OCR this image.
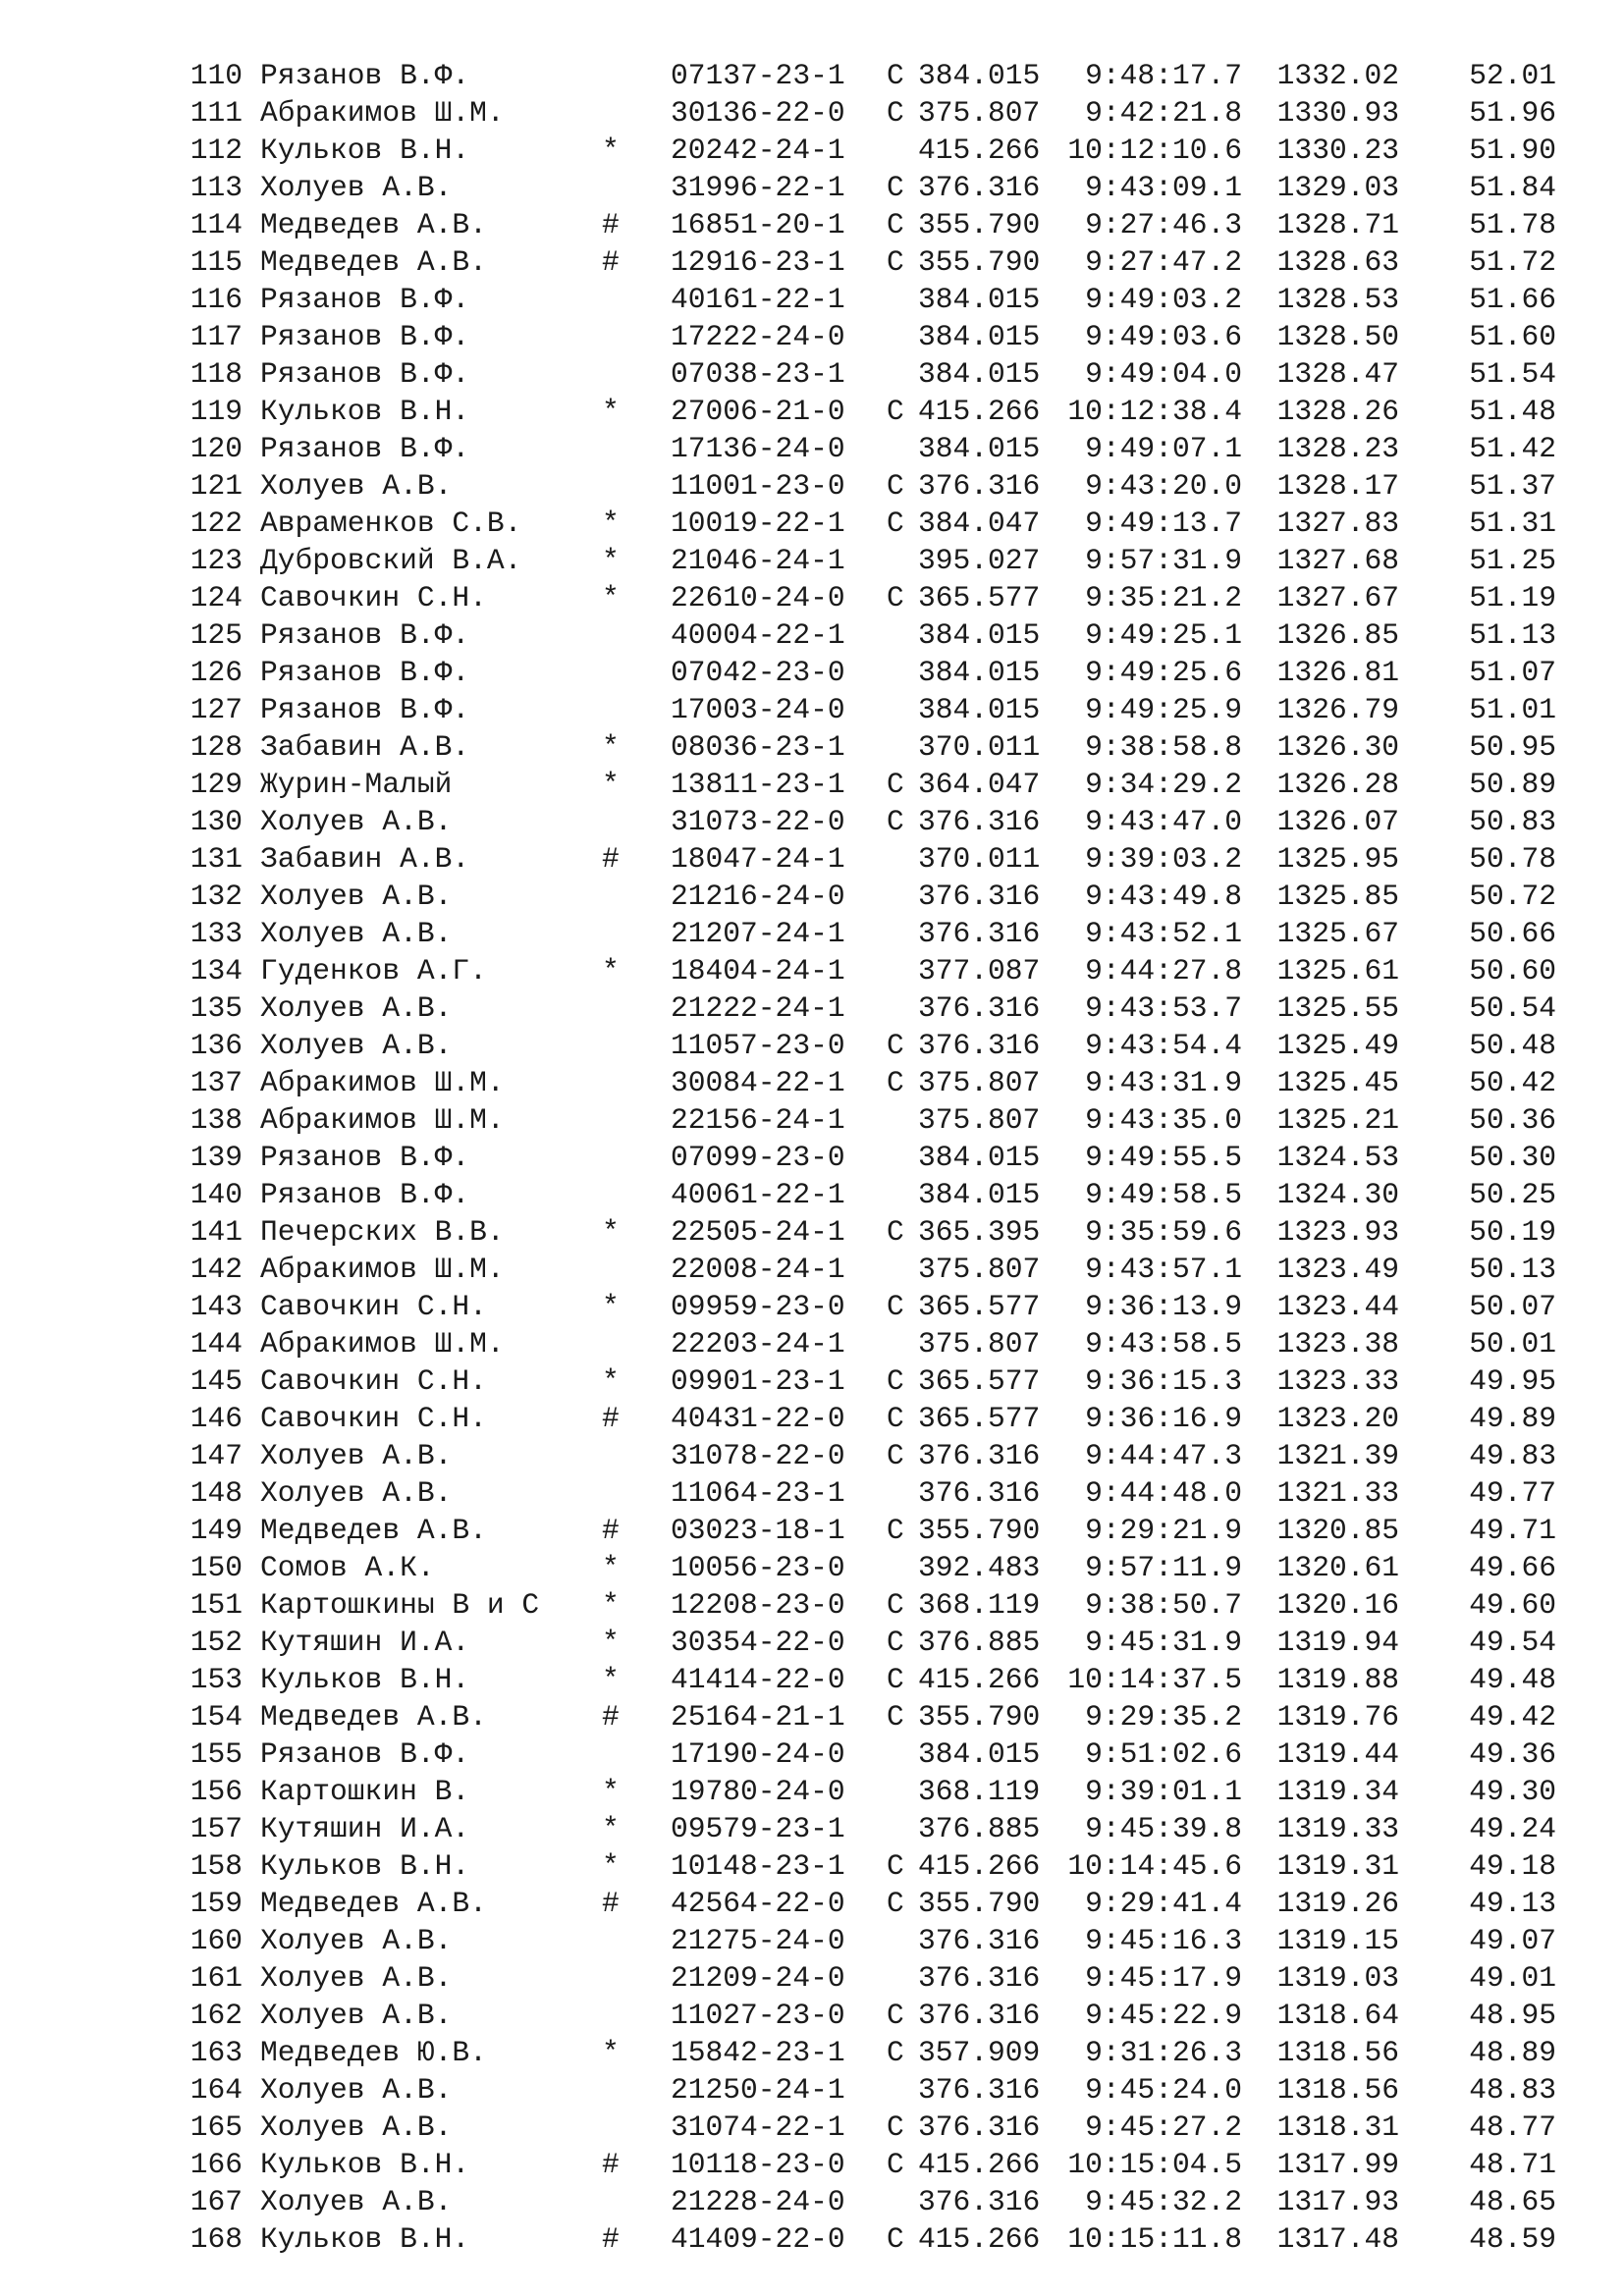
110 Рязанов В.Ф.	07137-23-1 С 384.015 9:48:17.7 1332.02 52.01
111 Абракимов Ш.М.	30136-22-0 С 375.807 9:42:21.8 1330.93 51.96
112 Кульков В.Н.	* 20242-24-1	415.266 10:12:10.6 1330.23 51.90
113 Холуев А.В.	31996-22-1 С 376.316 9:43:09.1 1329.03 51.84
114 Медведев А.В.	# 16851-20-1 С 355.790 9:27:46.3 1328.71 51.78
115 Медведев А.В.	# 12916-23-1 С 355.790 9:27:47.2 1328.63 51.72
116 Рязанов В.Ф.	40161-22-1	384.015 9:49:03.2 1328.53 51.66
117 Рязанов В.Ф.	17222-24-0	384.015 9:49:03.6 1328.50 51.60
118 Рязанов В.Ф.	07038-23-1	384.015 9:49:04.0 1328.47 51.54
119 Кульков В.Н.	* 27006-21-0 С 415.266 10:12:38.4 1328.26 51.48
120 Рязанов В.Ф.	17136-24-0	384.015 9:49:07.1 1328.23 51.42
121 Холуев А.В.	11001-23-0 С 376.316 9:43:20.0 1328.17 51.37
122 Авраменков С.В.	* 10019-22-1 С 384.047 9:49:13.7 1327.83 51.31
123 Дубровский В.А.	* 21046-24-1	395.027 9:57:31.9 1327.68 51.25
124 Савочкин С.Н.	* 22610-24-0 С 365.577 9:35:21.2 1327.67 51.19
125 Рязанов В.Ф.	40004-22-1	384.015 9:49:25.1 1326.85 51.13
126 Рязанов В.Ф.	07042-23-0	384.015 9:49:25.6 1326.81 51.07
127 Рязанов В.Ф.	17003-24-0	384.015 9:49:25.9 1326.79 51.01
128 Забавин А.В.	* 08036-23-1	370.011 9:38:58.8 1326.30 50.95
129 Журин-Малый	* 13811-23-1 С 364.047 9:34:29.2 1326.28 50.89
130 Холуев А.В.	31073-22-0 С 376.316 9:43:47.0 1326.07 50.83
131 Забавин А.В.	# 18047-24-1	370.011 9:39:03.2 1325.95 50.78
132 Холуев А.В.	21216-24-0	376.316 9:43:49.8 1325.85 50.72
133 Холуев А.В.	21207-24-1	376.316 9:43:52.1 1325.67 50.66
134 Гуденков А.Г.	* 18404-24-1	377.087 9:44:27.8 1325.61 50.60
135 Холуев А.В.	21222-24-1	376.316 9:43:53.7 1325.55 50.54
136 Холуев А.В.	11057-23-0 С 376.316 9:43:54.4 1325.49 50.48
137 Абракимов Ш.М.	30084-22-1 С 375.807 9:43:31.9 1325.45 50.42
138 Абракимов Ш.М.	22156-24-1	375.807 9:43:35.0 1325.21 50.36
139 Рязанов В.Ф.	07099-23-0	384.015 9:49:55.5 1324.53 50.30
140 Рязанов В.Ф.	40061-22-1	384.015 9:49:58.5 1324.30 50.25
141 Печерских В.В.	* 22505-24-1 С 365.395 9:35:59.6 1323.93 50.19
142 Абракимов Ш.М.	22008-24-1	375.807 9:43:57.1 1323.49 50.13
143 Савочкин С.Н.	* 09959-23-0 С 365.577 9:36:13.9 1323.44 50.07
144 Абракимов Ш.М.	22203-24-1	375.807 9:43:58.5 1323.38 50.01
145 Савочкин С.Н.	* 09901-23-1 С 365.577 9:36:15.3 1323.33 49.95
146 Савочкин С.Н.	# 40431-22-0 С 365.577 9:36:16.9 1323.20 49.89
147 Холуев А.В.	31078-22-0 С 376.316 9:44:47.3 1321.39 49.83
148 Холуев А.В.	11064-23-1	376.316 9:44:48.0 1321.33 49.77
149 Медведев А.В.	# 03023-18-1 С 355.790 9:29:21.9 1320.85 49.71
150 Сомов А.К.	* 10056-23-0	392.483 9:57:11.9 1320.61 49.66
151 Картошкины В и С * 12208-23-0 С 368.119 9:38:50.7 1320.16 49.60
152 Кутяшин И.А.	* 30354-22-0 С 376.885 9:45:31.9 1319.94 49.54
153 Кульков В.Н.	* 41414-22-0 С 415.266 10:14:37.5 1319.88 49.48
154 Медведев А.В.	# 25164-21-1 С 355.790 9:29:35.2 1319.76 49.42
155 Рязанов В.Ф.	17190-24-0	384.015 9:51:02.6 1319.44 49.36
156 Картошкин В.	* 19780-24-0	368.119 9:39:01.1 1319.34 49.30
157 Кутяшин И.А.	* 09579-23-1	376.885 9:45:39.8 1319.33 49.24
158 Кульков В.Н.	* 10148-23-1 С 415.266 10:14:45.6 1319.31 49.18
159 Медведев А.В.	# 42564-22-0 С 355.790 9:29:41.4 1319.26 49.13
160 Холуев А.В.	21275-24-0	376.316 9:45:16.3 1319.15 49.07
161 Холуев А.В.	21209-24-0	376.316 9:45:17.9 1319.03 49.01
162 Холуев А.В.	11027-23-0 С 376.316 9:45:22.9 1318.64 48.95
163 Медведев Ю.В.	* 15842-23-1 С 357.909 9:31:26.3 1318.56 48.89
164 Холуев А.В.	21250-24-1	376.316 9:45:24.0 1318.56 48.83
165 Холуев А.В.	31074-22-1 С 376.316 9:45:27.2 1318.31 48.77
166 Кульков В.Н.	# 10118-23-0 С 415.266 10:15:04.5 1317.99 48.71
167 Холуев А.В.	21228-24-0	376.316 9:45:32.2 1317.93 48.65
168 Кульков В.Н.	# 41409-22-0 С 415.266 10:15:11.8 1317.48 48.59
